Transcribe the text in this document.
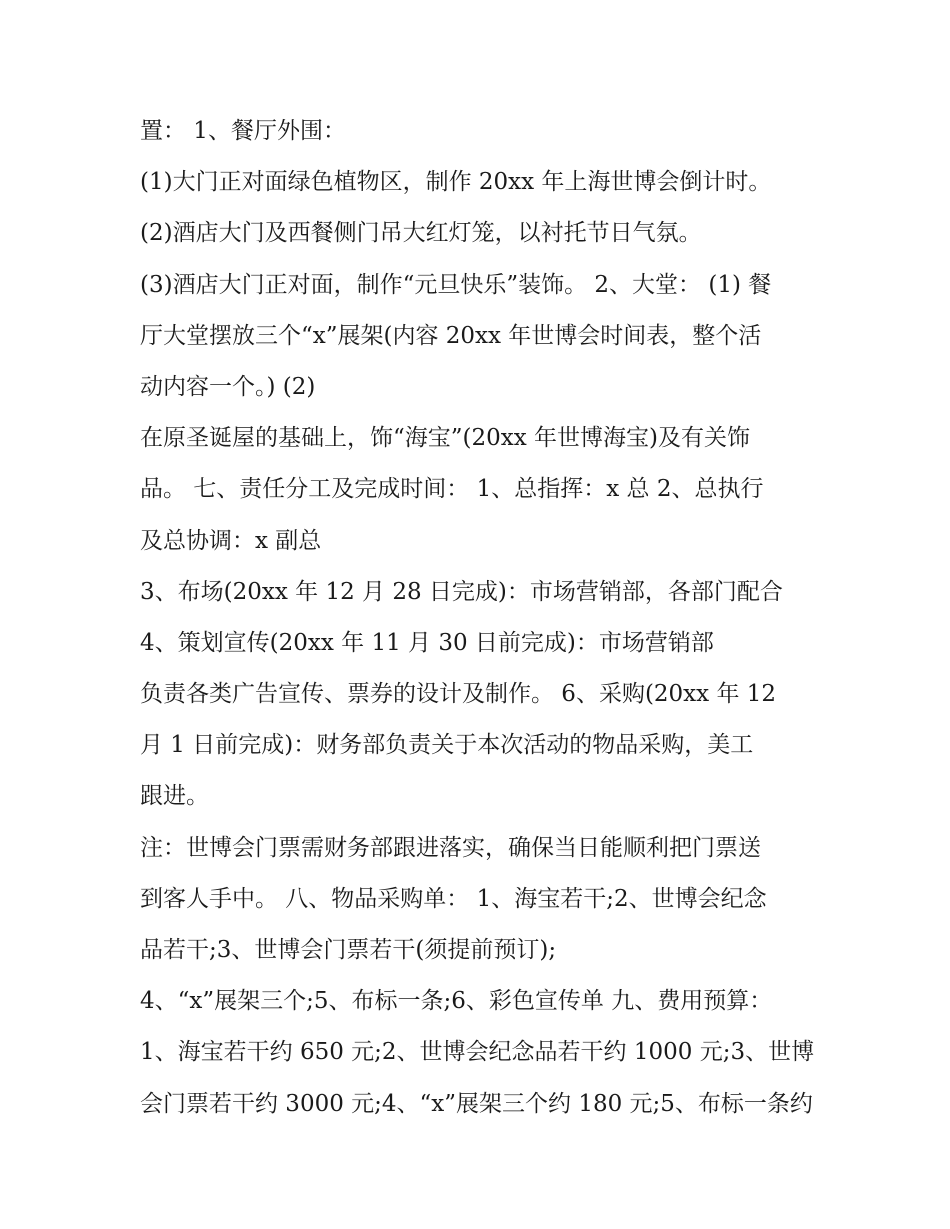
置： 1、餐厅外围：
(1)大门正对面绿色植物区，制作 20xx 年上海世博会倒计时。
(2)酒店大门及西餐侧门吊大红灯笼，以衬托节日气氛。
(3)酒店大门正对面，制作“元旦快乐”装饰。 2、大堂： (1) 餐
厅大堂摆放三个“x”展架(内容 20xx 年世博会时间表，整个活
动内容一个。) (2)
在原圣诞屋的基础上，饰“海宝”(20xx 年世博海宝)及有关饰
品。 七、责任分工及完成时间： 1、总指挥：x 总 2、总执行
及总协调：x 副总
3、布场(20xx 年 12 月 28 日完成)：市场营销部，各部门配合
4、策划宣传(20xx 年 11 月 30 日前完成)：市场营销部
负责各类广告宣传、票券的设计及制作。 6、采购(20xx 年 12
月 1 日前完成)：财务部负责关于本次活动的物品采购，美工
跟进。
注：世博会门票需财务部跟进落实，确保当日能顺利把门票送
到客人手中。 八、物品采购单： 1、海宝若干;2、世博会纪念
品若干;3、世博会门票若干(须提前预订);
4、“x”展架三个;5、布标一条;6、彩色宣传单 九、费用预算：
1、海宝若干约 650 元;2、世博会纪念品若干约 1000 元;3、世博
会门票若干约 3000 元;4、“x”展架三个约 180 元;5、布标一条约
